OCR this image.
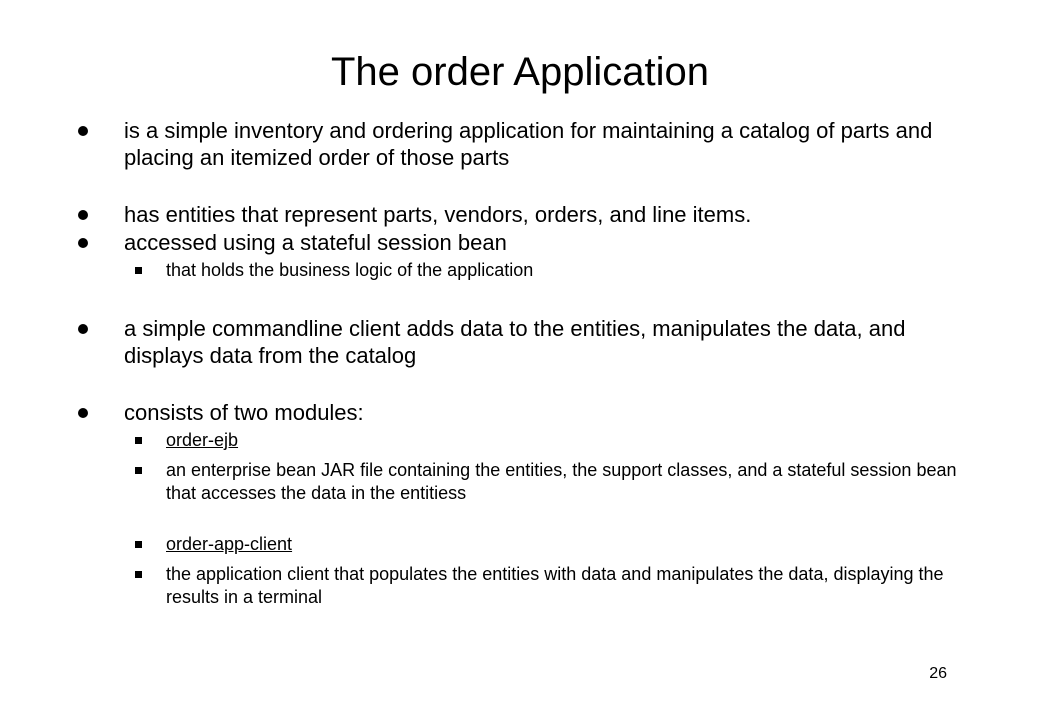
The order Application
is a simple inventory and ordering application for maintaining a catalog of parts and placing an itemized order of those parts
has entities that represent parts, vendors, orders, and line items.
accessed using a stateful session bean
that holds the business logic of the application
a simple commandline client adds data to the entities, manipulates the data, and displays data from the catalog
consists of two modules:
order-ejb
an enterprise bean JAR file containing the entities, the support classes, and a stateful session bean that accesses the data in the entitiess
order-app-client
the application client that populates the entities with data and manipulates the data, displaying the results in a terminal
26
